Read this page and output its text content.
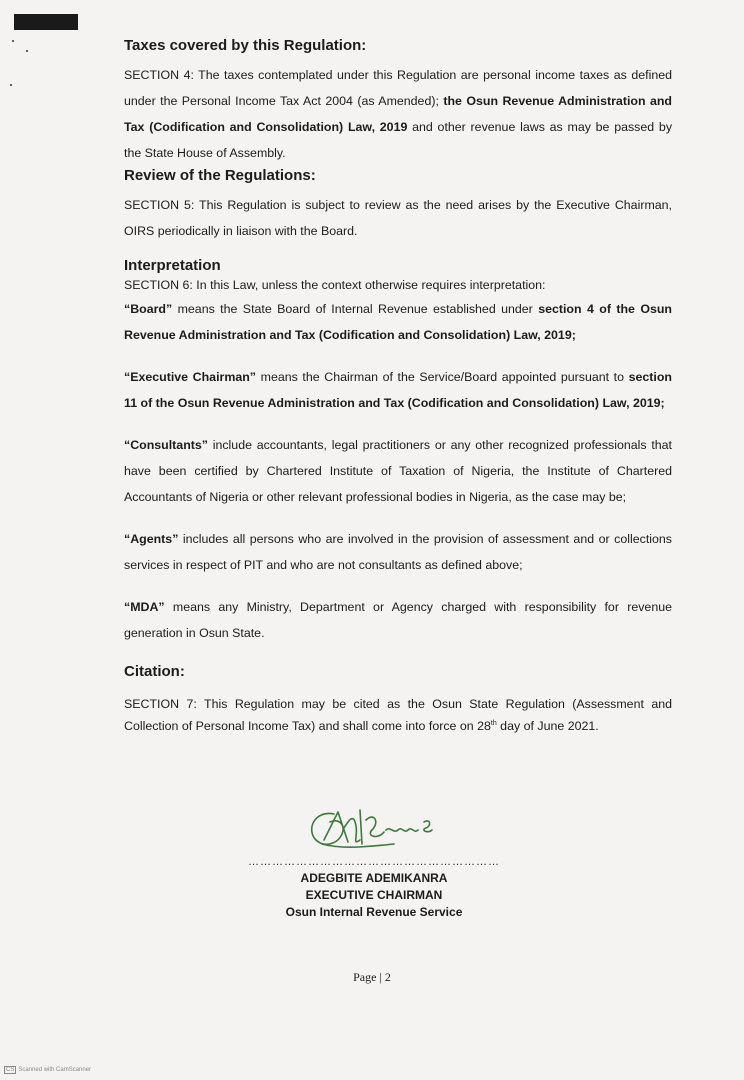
Taxes covered by this Regulation:

SECTION 4: The taxes contemplated under this Regulation are personal income taxes as defined under the Personal Income Tax Act 2004 (as Amended); the Osun Revenue Administration and Tax (Codification and Consolidation) Law, 2019 and other revenue laws as may be passed by the State House of Assembly.

Review of the Regulations:

SECTION 5: This Regulation is subject to review as the need arises by the Executive Chairman, OIRS periodically in liaison with the Board.

Interpretation

SECTION 6: In this Law, unless the context otherwise requires interpretation:

“Board” means the State Board of Internal Revenue established under section 4 of the Osun Revenue Administration and Tax (Codification and Consolidation) Law, 2019;

“Executive Chairman” means the Chairman of the Service/Board appointed pursuant to section 11 of the Osun Revenue Administration and Tax (Codification and Consolidation) Law, 2019;

“Consultants” include accountants, legal practitioners or any other recognized professionals that have been certified by Chartered Institute of Taxation of Nigeria, the Institute of Chartered Accountants of Nigeria or other relevant professional bodies in Nigeria, as the case may be;

“Agents” includes all persons who are involved in the provision of assessment and or collections services in respect of PIT and who are not consultants as defined above;

“MDA” means any Ministry, Department or Agency charged with responsibility for revenue generation in Osun State.

Citation:

SECTION 7: This Regulation may be cited as the Osun State Regulation (Assessment and Collection of Personal Income Tax) and shall come into force on 28th day of June 2021.

………………………………………………………
ADEGBITE ADEMIKANRA
EXECUTIVE CHAIRMAN
Osun Internal Revenue Service
Page | 2
CS Scanned with CamScanner
